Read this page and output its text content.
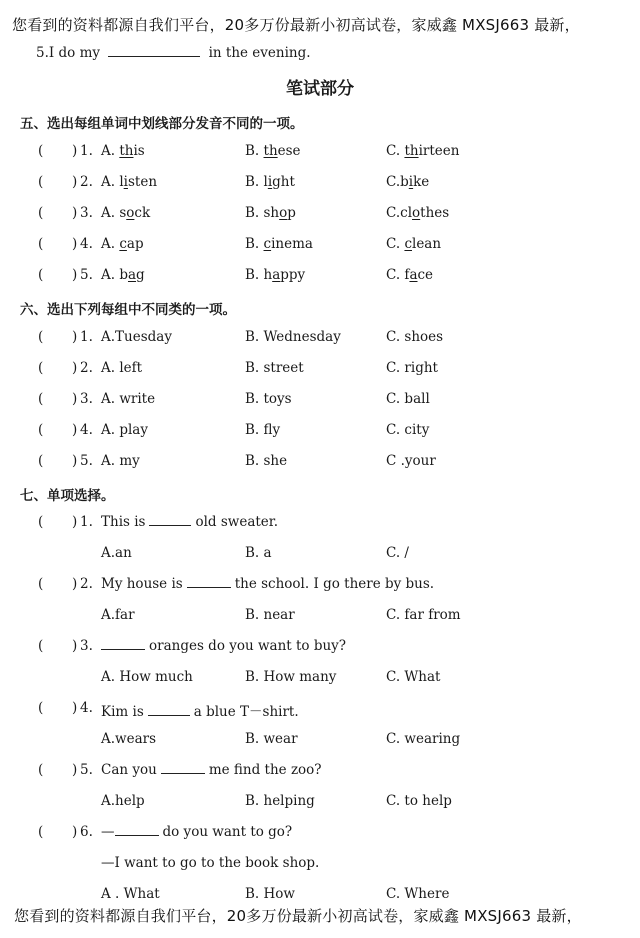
您看到的资料都源自我们平台，20多万份最新小初高试卷，家威鑫 MXSJ663 最新，
5.I do my	in the evening.
笔试部分
五、选出每组单词中划线部分发音不同的一项。
( ) 1. A. this	B. these	C. thirteen
( ) 2. A. listen	B. light	C.bike
( ) 3. A. sock	B. shop	C.clothes
( ) 4. A. cap	B. cinema	C. clean
( ) 5. A. bag	B. happy	C. face
六、选出下列每组中不同类的一项。
( ) 1. A.Tuesday	B. Wednesday	C. shoes
( ) 2. A. left	B. street	C. right
( ) 3. A. write	B. toys	C. ball
( ) 4. A. play	B. fly	C. city
( ) 5. A. my	B. she	C .your
七、单项选择。
( ) 1. This is	old sweater.
A.an	B. a	C. /
( ) 2. My house is	the school. I go there by bus.
A.far	B. near	C. far from
( ) 3.	oranges do you want to buy?
A. How much	B. How many	C. What
( ) 4. Kim is	a blue T－shirt.
A.wears	B. wear	C. wearing
( ) 5. Can you	me find the zoo?
A.help	B. helping	C. to help
( ) 6. —	do you want to go?
—I want to go to the book shop.
A . What	B. How	C. Where
您看到的资料都源自我们平台，20多万份最新小初高试卷，家威鑫 MXSJ663 最新，
